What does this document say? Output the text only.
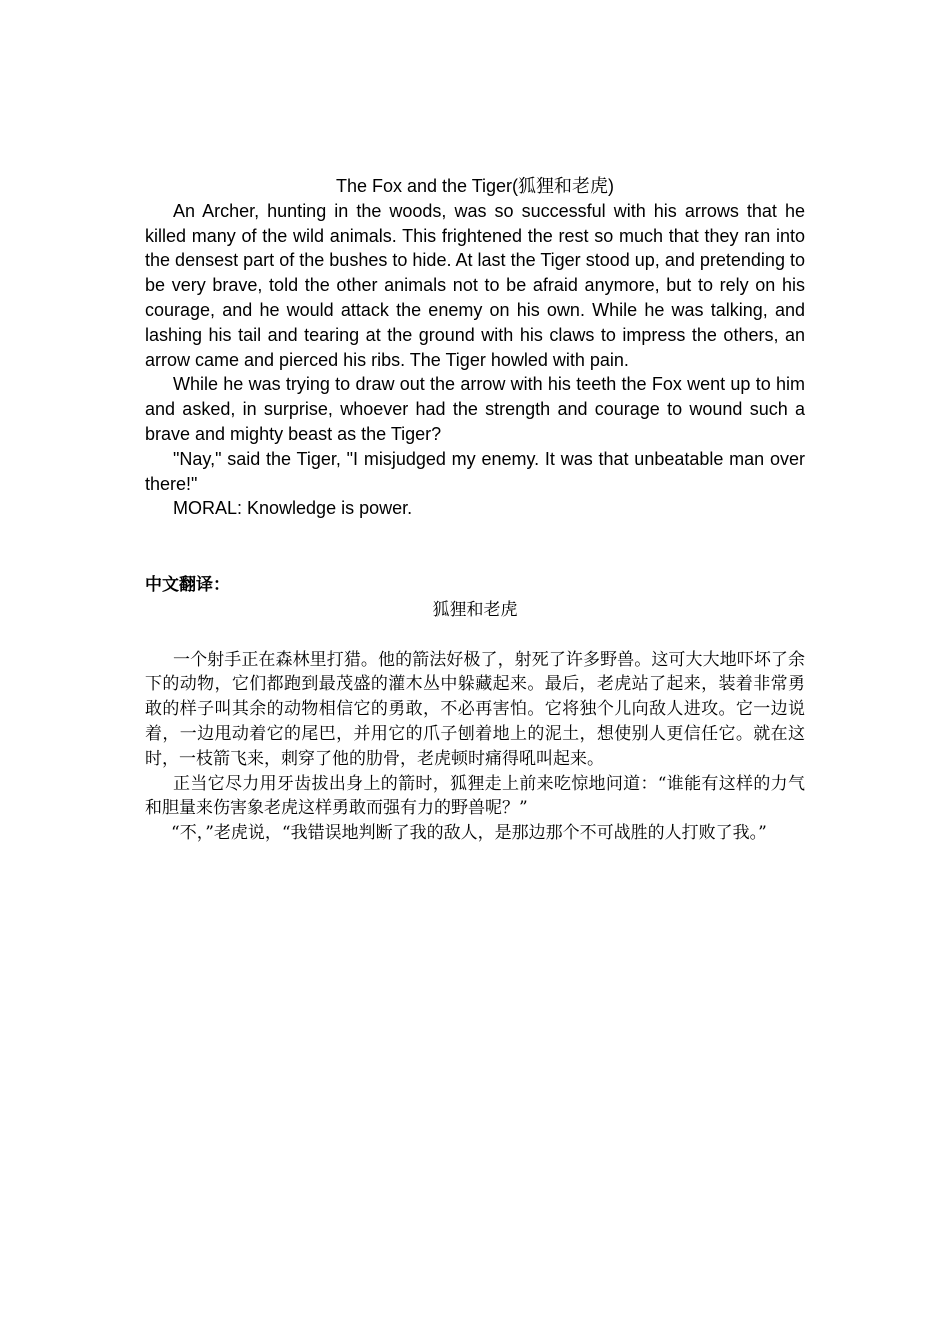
The Fox and the Tiger(狐狸和老虎)

An Archer, hunting in the woods, was so successful with his arrows that he killed many of the wild animals. This frightened the rest so much that they ran into the densest part of the bushes to hide. At last the Tiger stood up, and pretending to be very brave, told the other animals not to be afraid anymore, but to rely on his courage, and he would attack the enemy on his own. While he was talking, and lashing his tail and tearing at the ground with his claws to impress the others, an arrow came and pierced his ribs. The Tiger howled with pain.

While he was trying to draw out the arrow with his teeth the Fox went up to him and asked, in surprise, whoever had the strength and courage to wound such a brave and mighty beast as the Tiger?

"Nay," said the Tiger, "I misjudged my enemy. It was that unbeatable man over there!"

MORAL: Knowledge is power.

中文翻译：

狐狸和老虎

一个射手正在森林里打猎。他的箭法好极了，射死了许多野兽。这可大大地吓坏了余下的动物，它们都跑到最茂盛的灌木丛中躲藏起来。最后，老虎站了起来，装着非常勇敢的样子叫其余的动物相信它的勇敢，不必再害怕。它将独个儿向敌人进攻。它一边说着，一边甩动着它的尾巴，并用它的爪子刨着地上的泥土，想使别人更信任它。就在这时，一枝箭飞来，刺穿了他的肋骨，老虎顿时痛得吼叫起来。

正当它尽力用牙齿拔出身上的箭时，狐狸走上前来吃惊地问道：“谁能有这样的力气和胆量来伤害象老虎这样勇敢而强有力的野兽呢？”

“不，”老虎说，“我错误地判断了我的敌人，是那边那个不可战胜的人打败了我。”
